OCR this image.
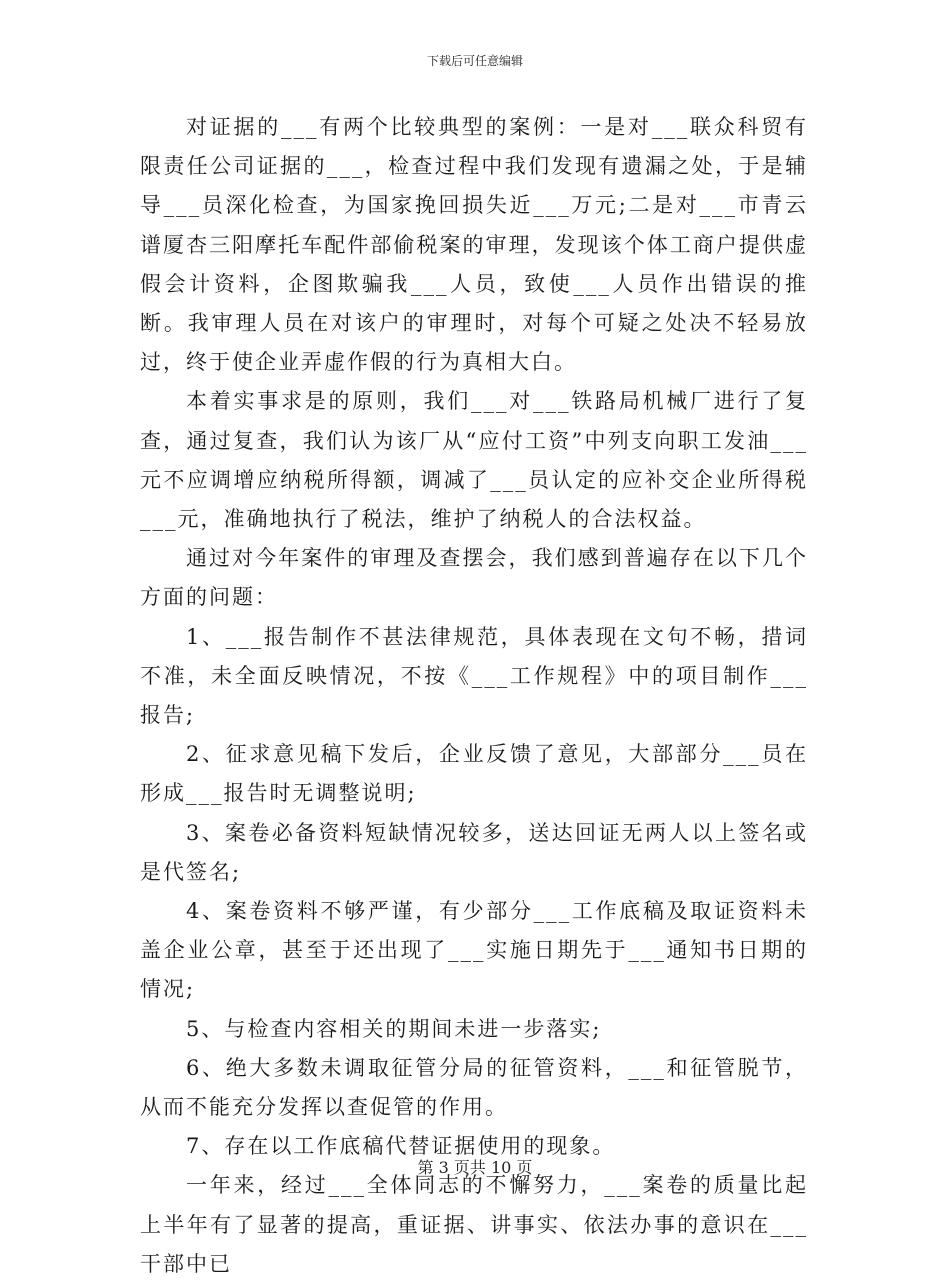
下载后可任意编辑

对证据的___有两个比较典型的案例：一是对___联众科贸有限责任公司证据的___，检查过程中我们发现有遗漏之处，于是辅导___员深化检查，为国家挽回损失近___万元;二是对___市青云谱厦杏三阳摩托车配件部偷税案的审理，发现该个体工商户提供虚假会计资料，企图欺骗我___人员，致使___人员作出错误的推断。我审理人员在对该户的审理时，对每个可疑之处决不轻易放过，终于使企业弄虚作假的行为真相大白。

本着实事求是的原则，我们___对___铁路局机械厂进行了复查，通过复查，我们认为该厂从“应付工资”中列支向职工发油___元不应调增应纳税所得额，调减了___员认定的应补交企业所得税___元，准确地执行了税法，维护了纳税人的合法权益。

通过对今年案件的审理及查摆会，我们感到普遍存在以下几个方面的问题：

1、___报告制作不甚法律规范，具体表现在文句不畅，措词不准，未全面反映情况，不按《___工作规程》中的项目制作___报告;

2、征求意见稿下发后，企业反馈了意见，大部部分___员在形成___报告时无调整说明;

3、案卷必备资料短缺情况较多，送达回证无两人以上签名或是代签名;

4、案卷资料不够严谨，有少部分___工作底稿及取证资料未盖企业公章，甚至于还出现了___实施日期先于___通知书日期的情况;

5、与检查内容相关的期间未进一步落实;

6、绝大多数未调取征管分局的征管资料，___和征管脱节，从而不能充分发挥以查促管的作用。

7、存在以工作底稿代替证据使用的现象。

一年来，经过___全体同志的不懈努力，___案卷的质量比起上半年有了显著的提高，重证据、讲事实、依法办事的意识在___干部中已

第 3 页共 10 页
